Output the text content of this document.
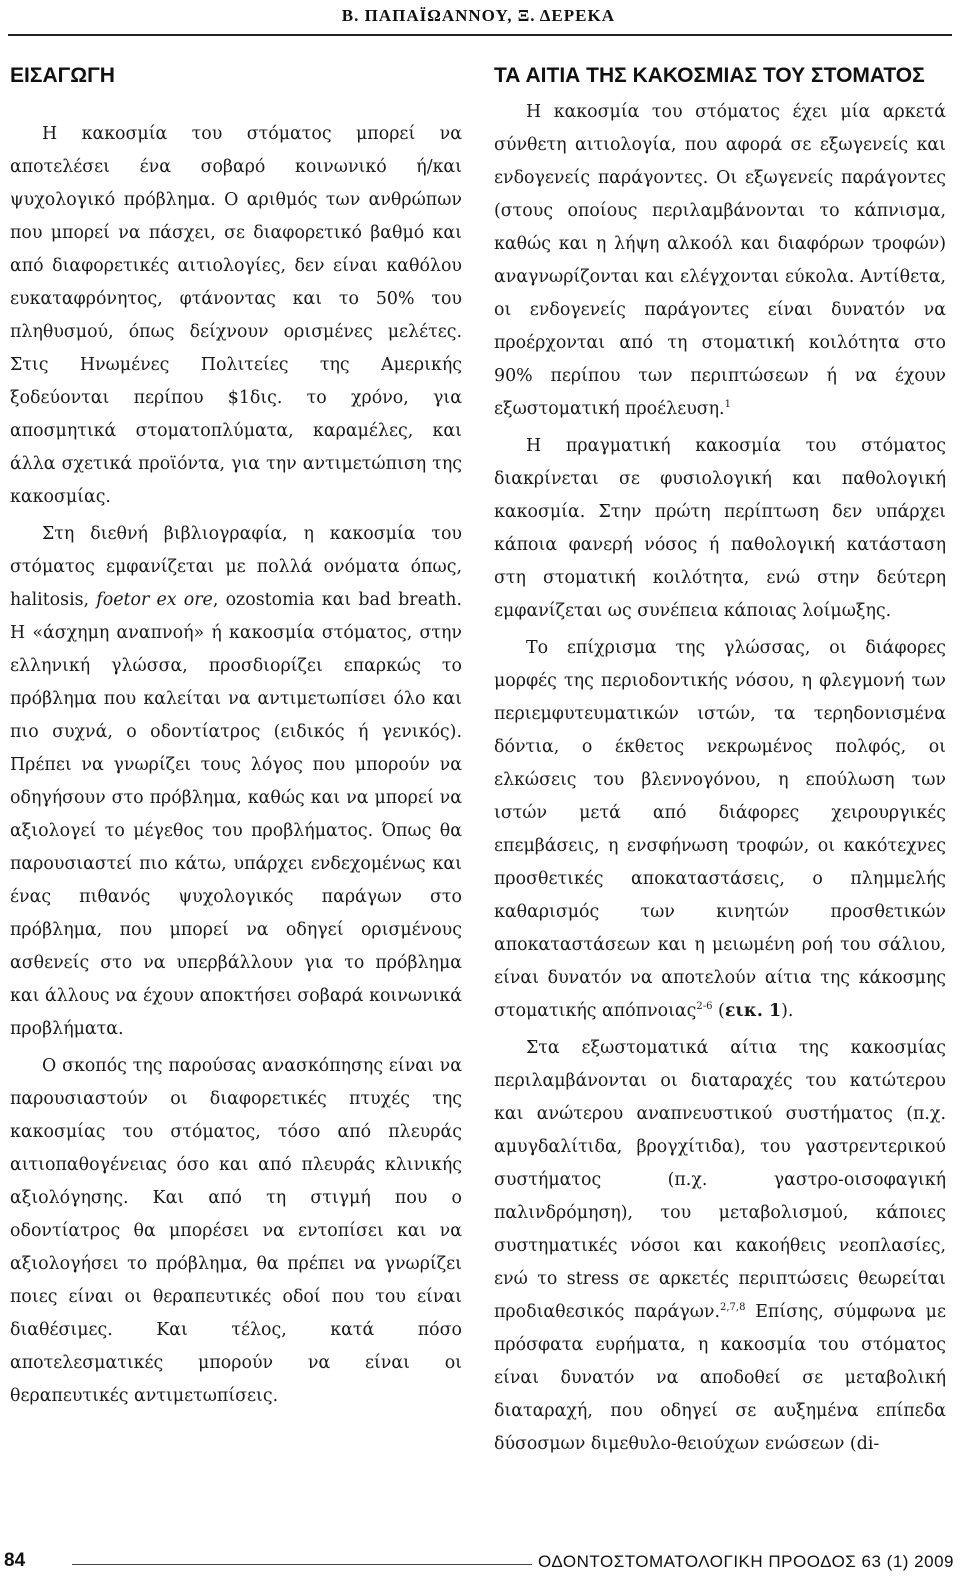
Β. ΠΑΠΑΪΩΑΝΝΟΥ, Ξ. ΔΕΡΕΚΑ
ΕΙΣΑΓΩΓΗ

Η κακοσμία του στόματος μπορεί να αποτελέσει ένα σοβαρό κοινωνικό ή/και ψυχολογικό πρόβλημα. Ο αριθμός των ανθρώπων που μπορεί να πάσχει, σε διαφορετικό βαθμό και από διαφορετικές αιτιολογίες, δεν είναι καθόλου ευκαταφρόνητος, φτάνοντας και το 50% του πληθυσμού, όπως δείχνουν ορισμένες μελέτες. Στις Ηνωμένες Πολιτείες της Αμερικής ξοδεύονται περίπου $1δις. το χρόνο, για αποσμητικά στοματοπλύματα, καραμέλες, και άλλα σχετικά προϊόντα, για την αντιμετώπιση της κακοσμίας.

Στη διεθνή βιβλιογραφία, η κακοσμία του στόματος εμφανίζεται με πολλά ονόματα όπως, halitosis, foetor ex ore, ozostomia και bad breath. Η «άσχημη αναπνοή» ή κακοσμία στόματος, στην ελληνική γλώσσα, προσδιορίζει επαρκώς το πρόβλημα που καλείται να αντιμετωπίσει όλο και πιο συχνά, ο οδοντίατρος (ειδικός ή γενικός). Πρέπει να γνωρίζει τους λόγος που μπορούν να οδηγήσουν στο πρόβλημα, καθώς και να μπορεί να αξιολογεί το μέγεθος του προβλήματος. Όπως θα παρουσιαστεί πιο κάτω, υπάρχει ενδεχομένως και ένας πιθανός ψυχολογικός παράγων στο πρόβλημα, που μπορεί να οδηγεί ορισμένους ασθενείς στο να υπερβάλλουν για το πρόβλημα και άλλους να έχουν αποκτήσει σοβαρά κοινωνικά προβλήματα.

Ο σκοπός της παρούσας ανασκόπησης είναι να παρουσιαστούν οι διαφορετικές πτυχές της κακοσμίας του στόματος, τόσο από πλευράς αιτιοπαθογένειας όσο και από πλευράς κλινικής αξιολόγησης. Και από τη στιγμή που ο οδοντίατρος θα μπορέσει να εντοπίσει και να αξιολογήσει το πρόβλημα, θα πρέπει να γνωρίζει ποιες είναι οι θεραπευτικές οδοί που του είναι διαθέσιμες. Και τέλος, κατά πόσο αποτελεσματικές μπορούν να είναι οι θεραπευτικές αντιμετωπίσεις.

ΤΑ ΑΙΤΙΑ ΤΗΣ ΚΑΚΟΣΜΙΑΣ ΤΟΥ ΣΤΟΜΑΤΟΣ

Η κακοσμία του στόματος έχει μία αρκετά σύνθετη αιτιολογία, που αφορά σε εξωγενείς και ενδογενείς παράγοντες. Οι εξωγενείς παράγοντες (στους οποίους περιλαμβάνονται το κάπνισμα, καθώς και η λήψη αλκοόλ και διαφόρων τροφών) αναγνωρίζονται και ελέγχονται εύκολα. Αντίθετα, οι ενδογενείς παράγοντες είναι δυνατόν να προέρχονται από τη στοματική κοιλότητα στο 90% περίπου των περιπτώσεων ή να έχουν εξωστοματική προέλευση.$^1$

Η πραγματική κακοσμία του στόματος διακρίνεται σε φυσιολογική και παθολογική κακοσμία. Στην πρώτη περίπτωση δεν υπάρχει κάποια φανερή νόσος ή παθολογική κατάσταση στη στοματική κοιλότητα, ενώ στην δεύτερη εμφανίζεται ως συνέπεια κάποιας λοίμωξης.

Το επίχρισμα της γλώσσας, οι διάφορες μορφές της περιοδοντικής νόσου, η φλεγμονή των περιεμφυτευματικών ιστών, τα τερηδονισμένα δόντια, ο έκθετος νεκρωμένος πολφός, οι ελκώσεις του βλεννογόνου, η επούλωση των ιστών μετά από διάφορες χειρουργικές επεμβάσεις, η ενσφήνωση τροφών, οι κακότεχνες προσθετικές αποκαταστάσεις, ο πλημμελής καθαρισμός των κινητών προσθετικών αποκαταστάσεων και η μειωμένη ροή του σάλιου, είναι δυνατόν να αποτελούν αίτια της κάκοσμης στοματικής απόπνοιας$^{2-6}$ (εικ. 1).

Στα εξωστοματικά αίτια της κακοσμίας περιλαμβάνονται οι διαταραχές του κατώτερου και ανώτερου αναπνευστικού συστήματος (π.χ. αμυγδαλίτιδα, βρογχίτιδα), του γαστρεντερικού συστήματος (π.χ. γαστρο-οισοφαγική παλινδρόμηση), του μεταβολισμού, κάποιες συστηματικές νόσοι και κακοήθεις νεοπλασίες, ενώ το stress σε αρκετές περιπτώσεις θεωρείται προδιαθεσικός παράγων.$^{2,7,8}$ Επίσης, σύμφωνα με πρόσφατα ευρήματα, η κακοσμία του στόματος είναι δυνατόν να αποδοθεί σε μεταβολική διαταραχή, που οδηγεί σε αυξημένα επίπεδα δύσοσμων διμεθυλο-θειούχων ενώσεων (di-

84	ΟΔΟΝΤΟΣΤΟΜΑΤΟΛΟΓΙΚΗ ΠΡΟΟΔΟΣ 63 (1) 2009
